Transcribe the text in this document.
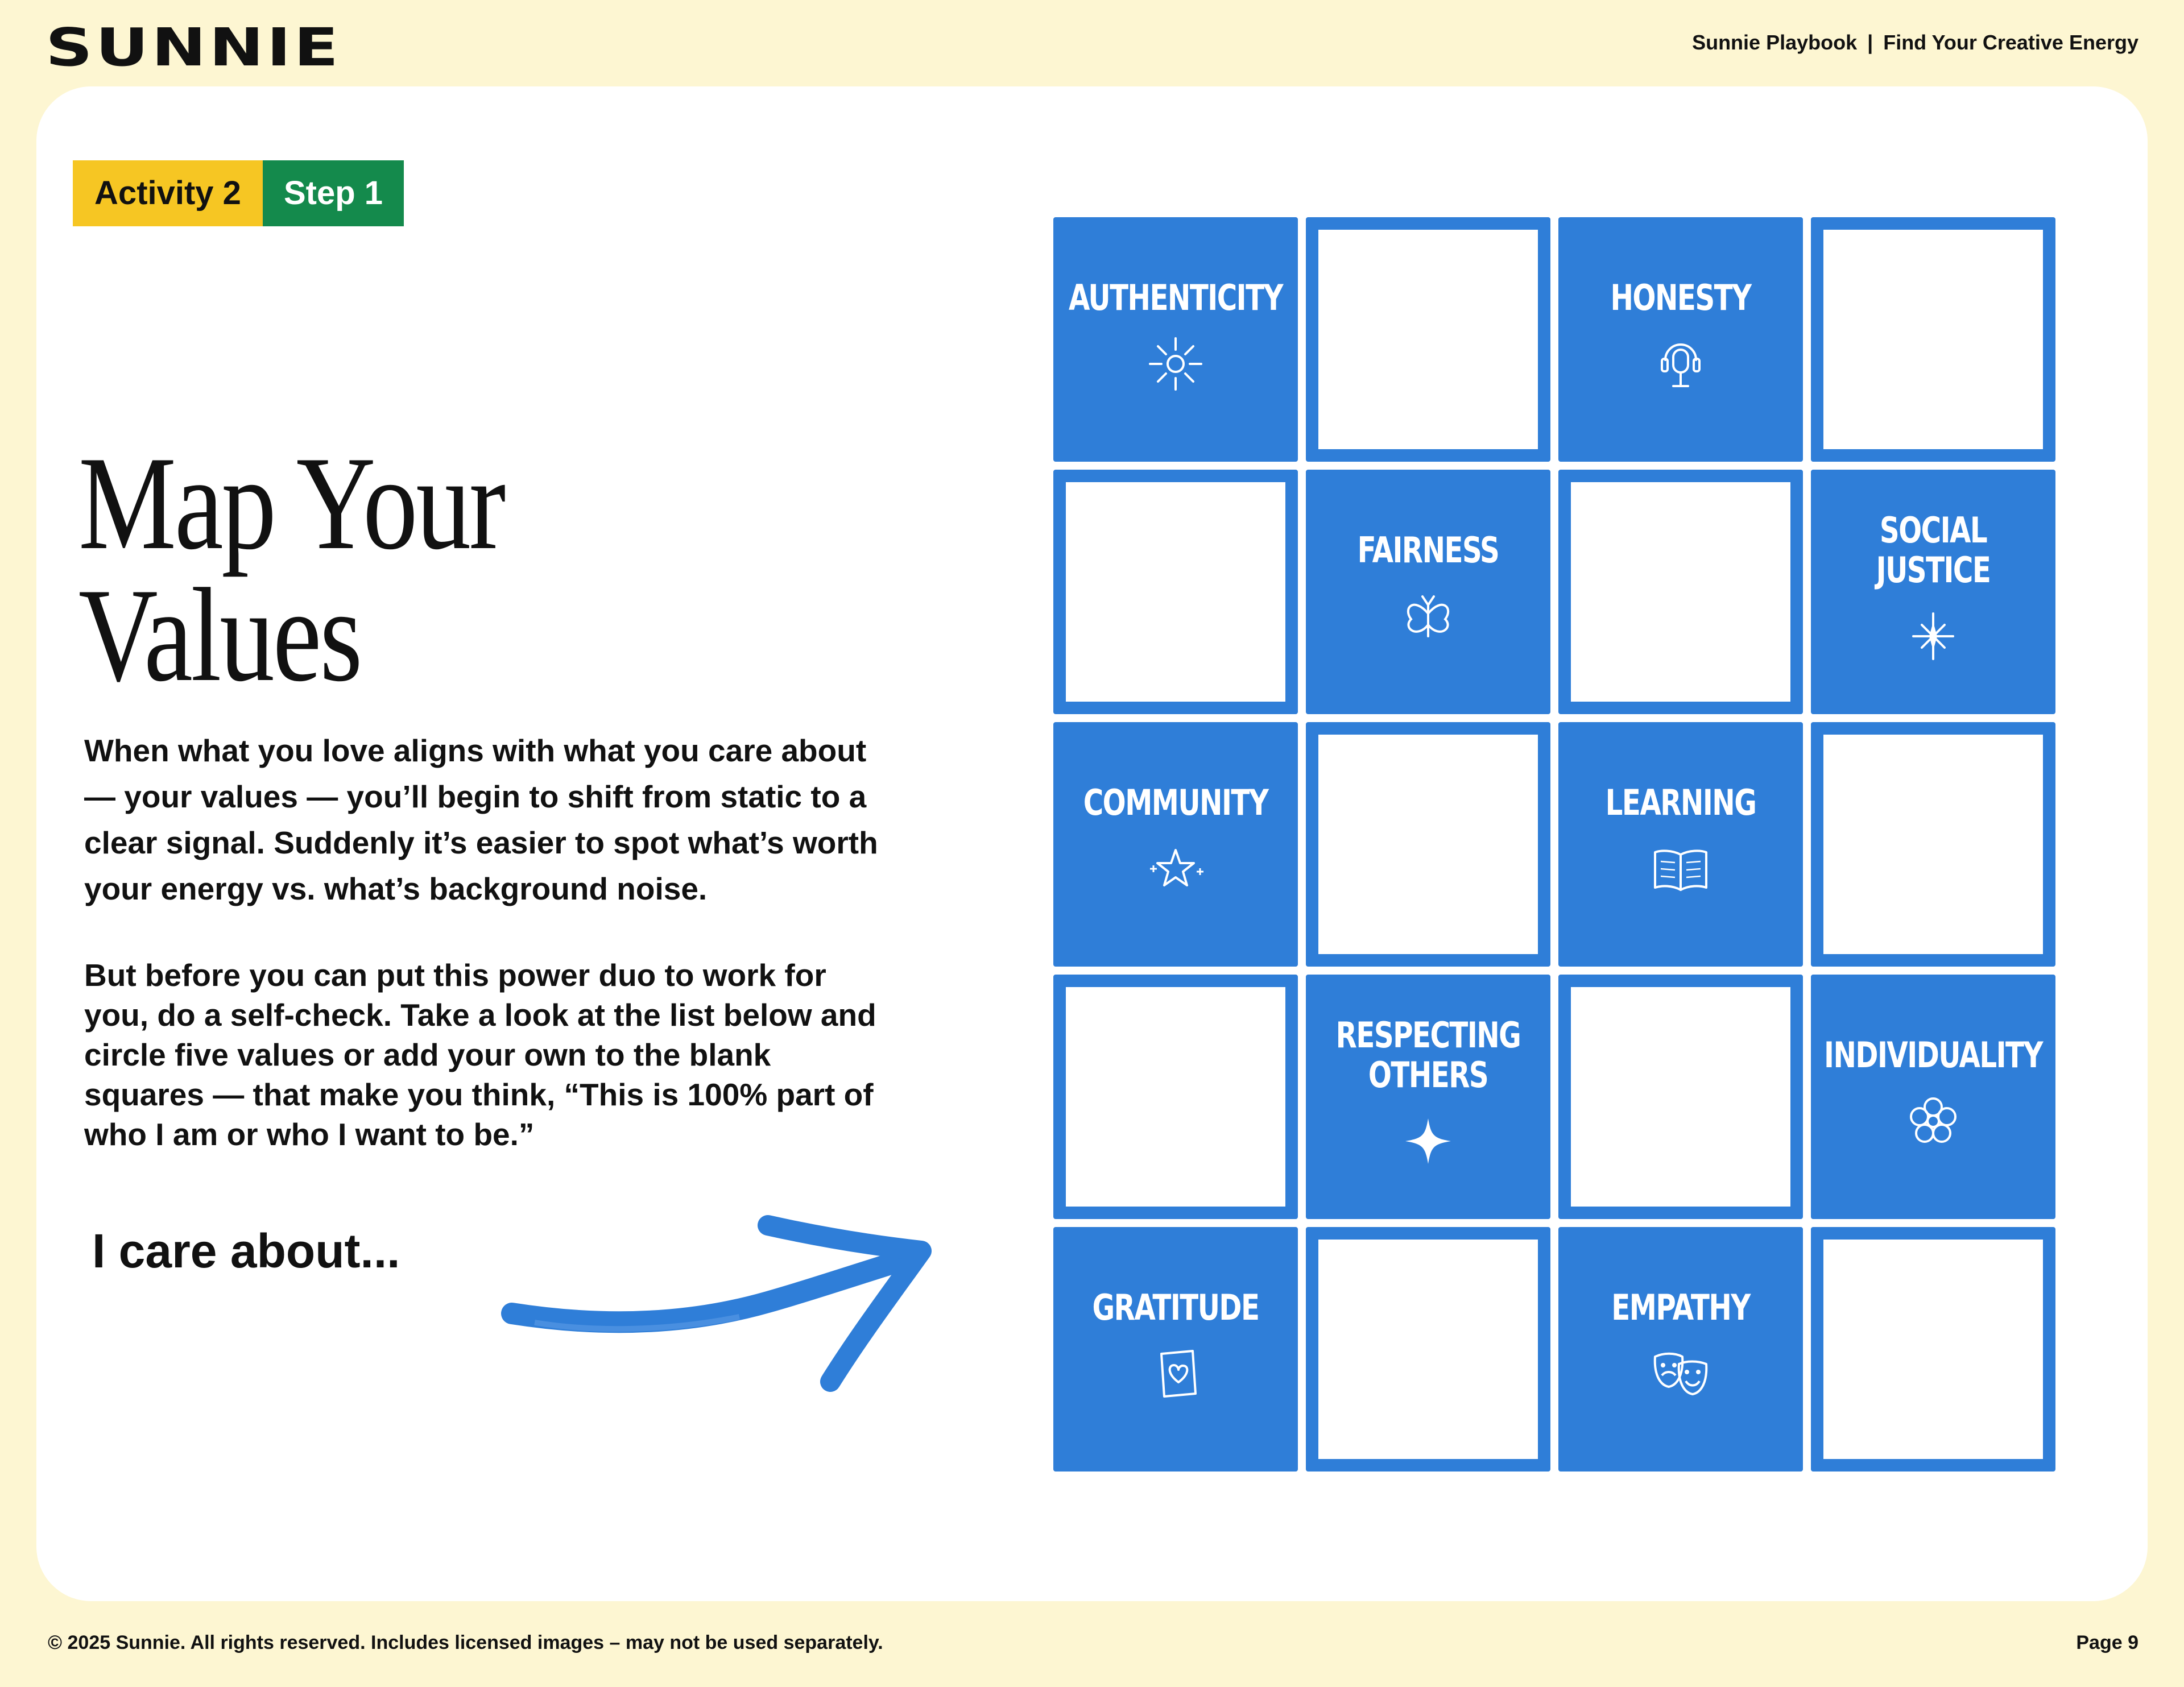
SUNNIE	Sunnie Playbook | Find Your Creative Energy
Activity 2	Step 1
Map Your
Values

When what you love aligns with what you care about — your values — you’ll begin to shift from static to a clear signal. Suddenly it’s easier to spot what’s worth your energy vs. what’s background noise.

But before you can put this power duo to work for you, do a self-check. Take a look at the list below and circle five values or add your own to the blank squares — that make you think, “This is 100% part of who I am or who I want to be.”

I care about...
AUTHENTICITY	HONESTY
FAIRNESS	SOCIAL
JUSTICE
COMMUNITY	LEARNING
RESPECTING
OTHERS	INDIVIDUALITY
GRATITUDE	EMPATHY
© 2025 Sunnie. All rights reserved. Includes licensed images – may not be used separately.	Page 9
